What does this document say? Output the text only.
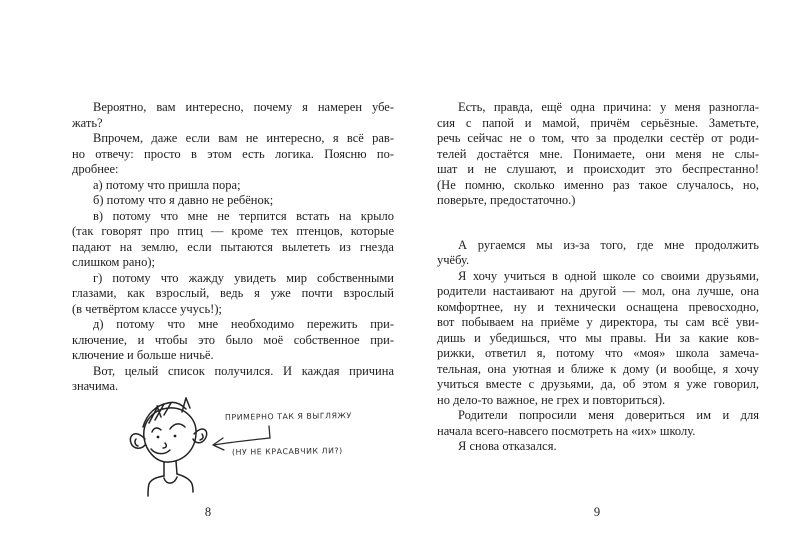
Вероятно, вам интересно, почему я намерен убе-
жать?
Впрочем, даже если вам не интересно, я всё рав-
но отвечу: просто в этом есть логика. Поясню по-
дробнее:
а) потому что пришла пора;
б) потому что я давно не ребёнок;
в) потому что мне не терпится встать на крыло
(так говорят про птиц — кроме тех птенцов, которые
падают на землю, если пытаются вылететь из гнезда
слишком рано);
г) потому что жажду увидеть мир собственными
глазами, как взрослый, ведь я уже почти взрослый
(в четвёртом классе учусь!);
д) потому что мне необходимо пережить при-
ключение, и чтобы это было моё собственное при-
ключение и больше ничьё.
Вот, целый список получился. И каждая причина
значима.
Есть, правда, ещё одна причина: у меня разногла-
сия с папой и мамой, причём серьёзные. Заметьте,
речь сейчас не о том, что за проделки сестёр от роди-
телей достаётся мне. Понимаете, они меня не слы-
шат и не слушают, и происходит это беспрестанно!
(Не помню, сколько именно раз такое случалось, но,
поверьте, предостаточно.)
А ругаемся мы из-за того, где мне продолжить
учёбу.
Я хочу учиться в одной школе со своими друзьями,
родители настаивают на другой — мол, она лучше, она
комфортнее, ну и технически оснащена превосходно,
вот побываем на приёме у директора, ты сам всё уви-
дишь и убедишься, что мы правы. Ни за какие ков-
рижки, ответил я, потому что «моя» школа замеча-
тельная, она уютная и ближе к дому (и вообще, я хочу
учиться вместе с друзьями, да, об этом я уже говорил,
но дело-то важное, не грех и повториться).
Родители попросили меня довериться им и для
начала всего-навсего посмотреть на «их» школу.
Я снова отказался.
ПРИМЕРНО ТАК Я ВЫГЛЯЖУ
(НУ НЕ КРАСАВЧИК ЛИ?)
8	9
